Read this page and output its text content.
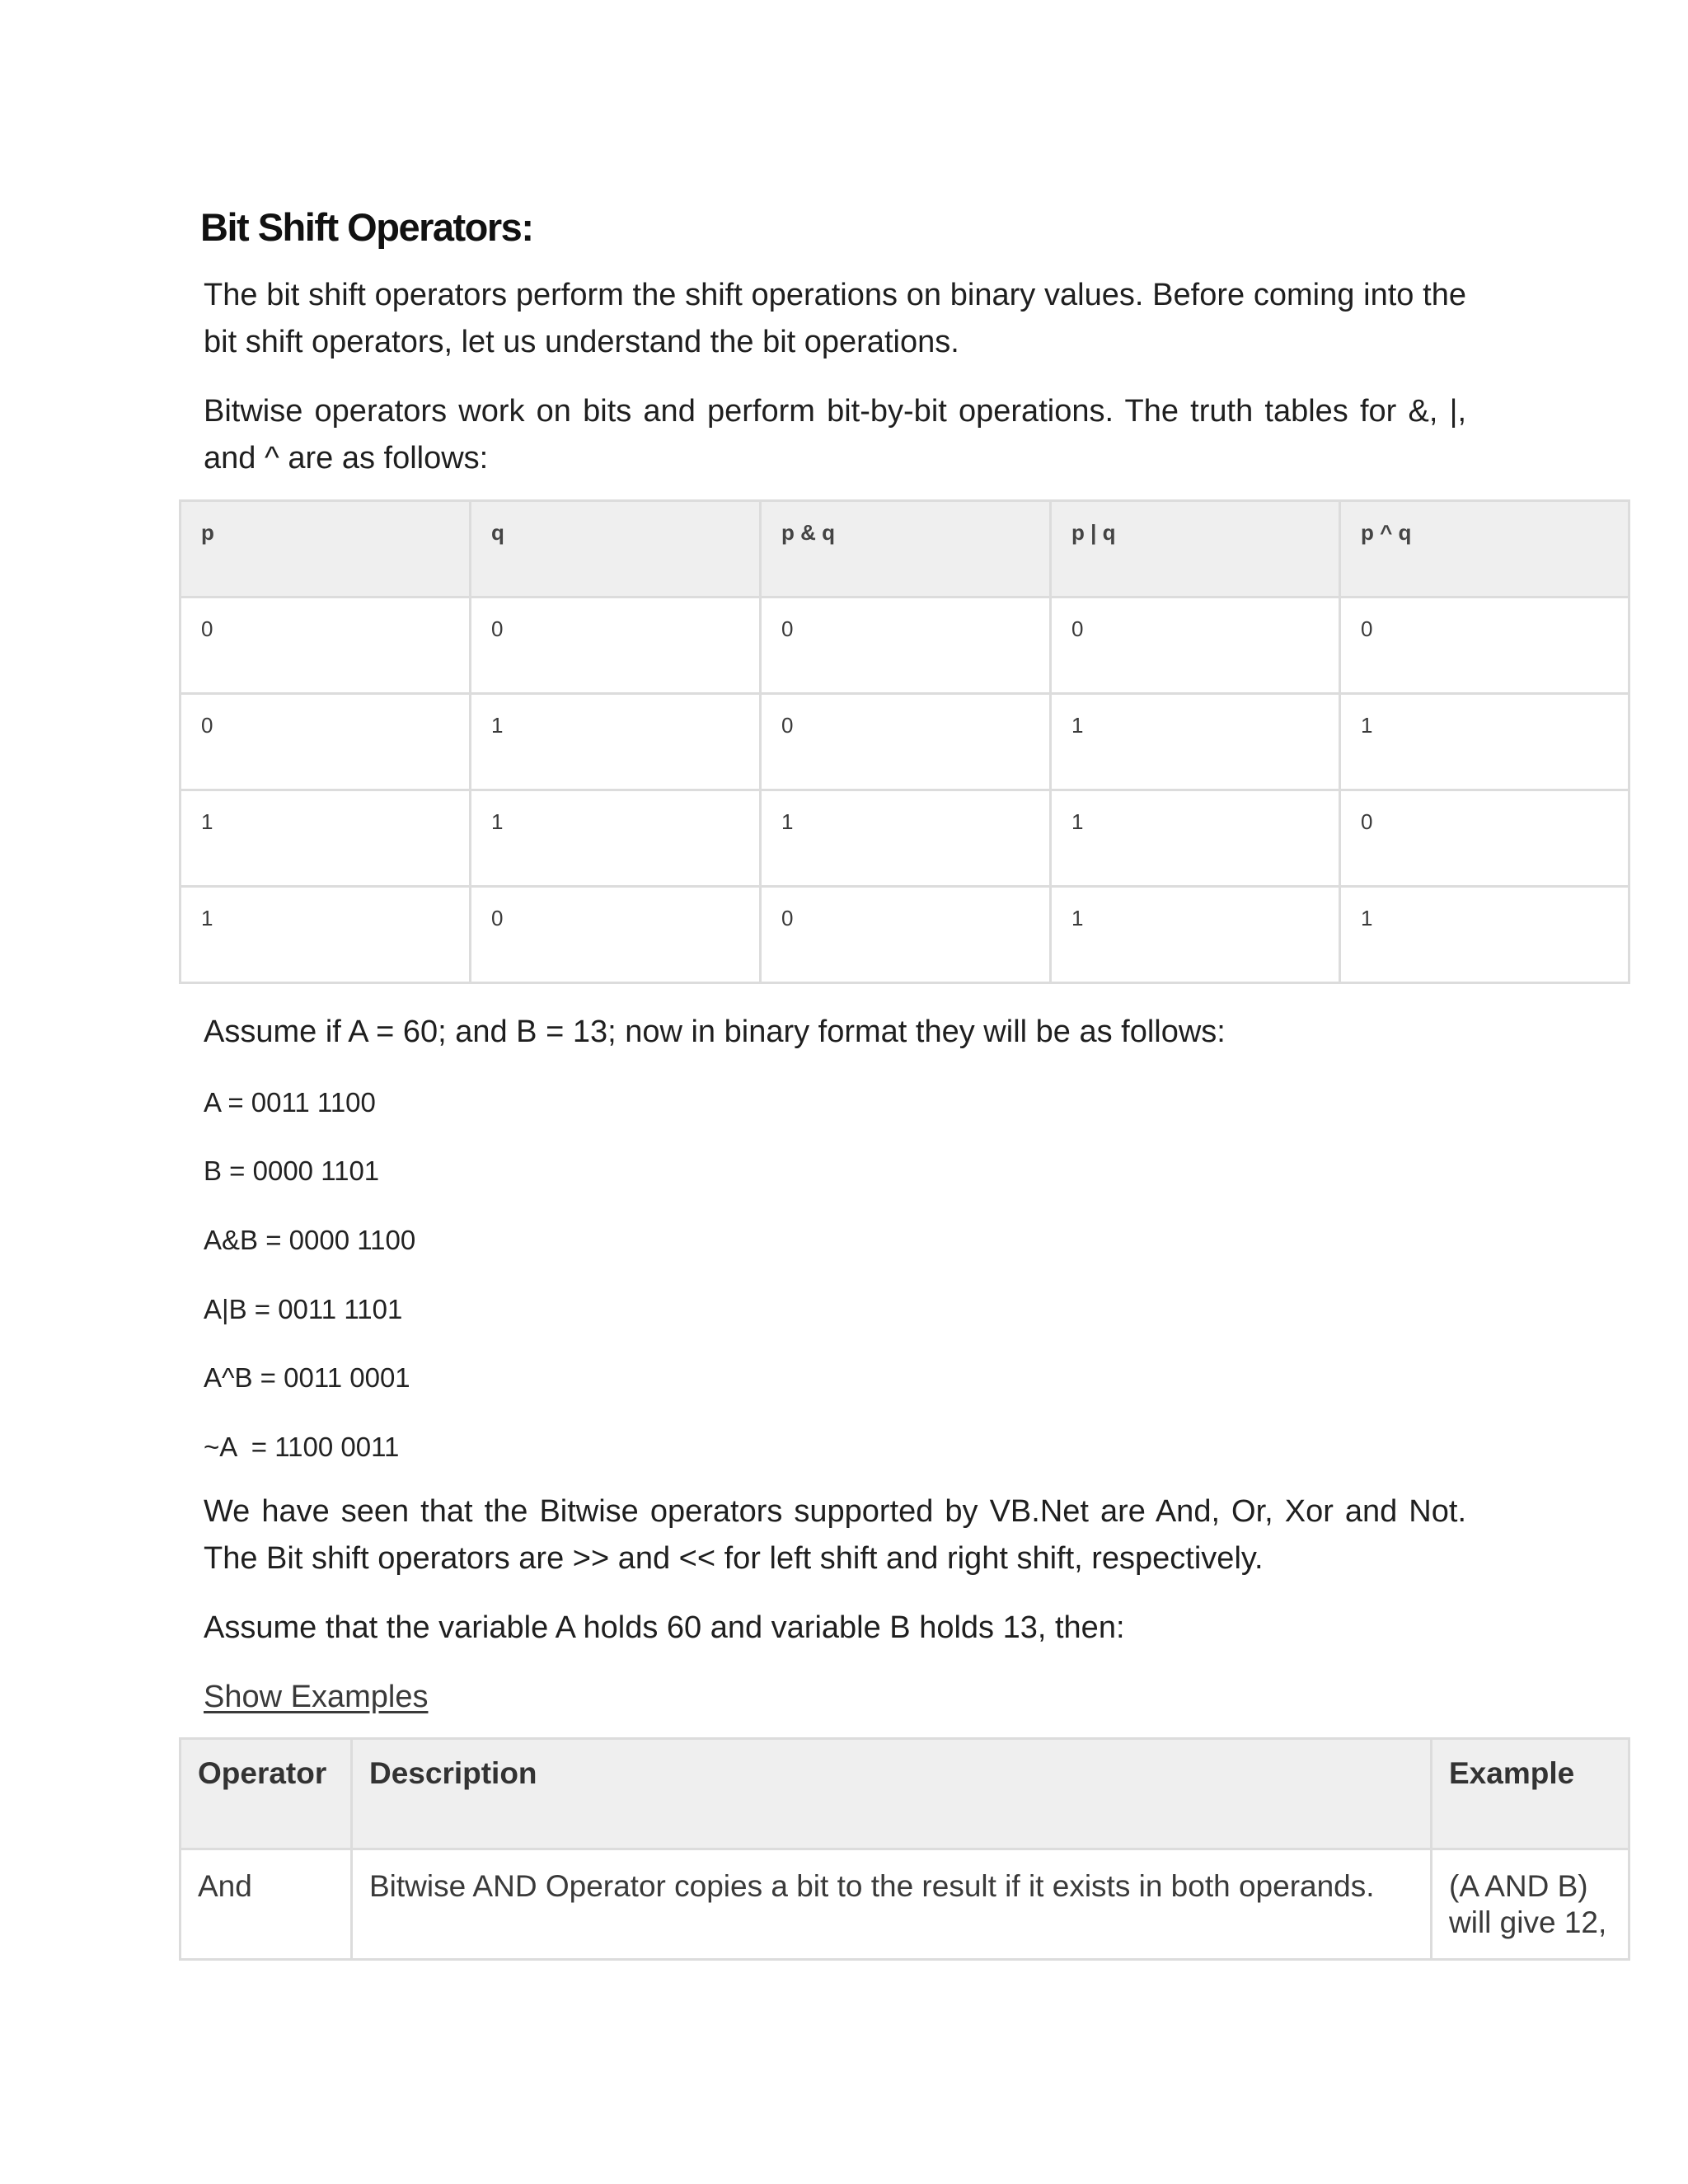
Bit Shift Operators:
The bit shift operators perform the shift operations on binary values. Before coming into the bit shift operators, let us understand the bit operations.
Bitwise operators work on bits and perform bit-by-bit operations. The truth tables for &, |, and ^ are as follows:
p	q	p & q	p | q	p ^ q
0	0	0	0	0
0	1	0	1	1
1	1	1	1	0
1	0	0	1	1
Assume if A = 60; and B = 13; now in binary format they will be as follows:
A = 0011 1100
B = 0000 1101
A&B = 0000 1100
A|B = 0011 1101
A^B = 0011 0001
~A  = 1100 0011
We have seen that the Bitwise operators supported by VB.Net are And, Or, Xor and Not. The Bit shift operators are >> and << for left shift and right shift, respectively.
Assume that the variable A holds 60 and variable B holds 13, then:
Show Examples
Operator	Description	Example
And	Bitwise AND Operator copies a bit to the result if it exists in both operands.	(A AND B) will give 12,
